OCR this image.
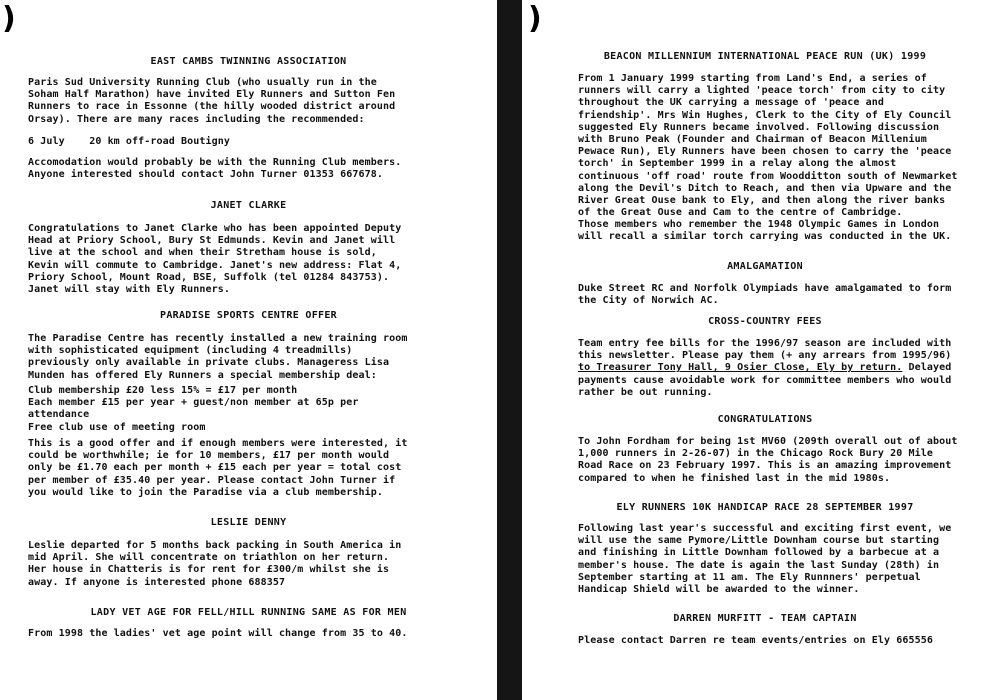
)
EAST CAMBS TWINNING ASSOCIATION
Paris Sud University Running Club (who usually run in the
Soham Half Marathon) have invited Ely Runners and Sutton Fen
Runners to race in Essonne (the hilly wooded district around
Orsay). There are many races including the recommended:
6 July    20 km off-road Boutigny
Accomodation would probably be with the Running Club members.
Anyone interested should contact John Turner 01353 667678.
JANET CLARKE
Congratulations to Janet Clarke who has been appointed Deputy
Head at Priory School, Bury St Edmunds. Kevin and Janet will
live at the school and when their Stretham house is sold,
Kevin will commute to Cambridge. Janet's new address: Flat 4,
Priory School, Mount Road, BSE, Suffolk (tel 01284 843753).
Janet will stay with Ely Runners.
PARADISE SPORTS CENTRE OFFER
The Paradise Centre has recently installed a new training room
with sophisticated equipment (including 4 treadmills)
previously only available in private clubs. Manageress Lisa
Munden has offered Ely Runners a special membership deal:
Club membership £20 less 15% = £17 per month
Each member £15 per year + guest/non member at 65p per
attendance
Free club use of meeting room
This is a good offer and if enough members were interested, it
could be worthwhile; ie for 10 members, £17 per month would
only be £1.70 each per month + £15 each per year = total cost
per member of £35.40 per year. Please contact John Turner if
you would like to join the Paradise via a club membership.
LESLIE DENNY
Leslie departed for 5 months back packing in South America in
mid April. She will concentrate on triathlon on her return.
Her house in Chatteris is for rent for £300/m whilst she is
away. If anyone is interested phone 688357
LADY VET AGE FOR FELL/HILL RUNNING SAME AS FOR MEN
From 1998 the ladies' vet age point will change from 35 to 40.
)
BEACON MILLENNIUM INTERNATIONAL PEACE RUN (UK) 1999
From 1 January 1999 starting from Land's End, a series of
runners will carry a lighted 'peace torch' from city to city
throughout the UK carrying a message of 'peace and
friendship'. Mrs Win Hughes, Clerk to the City of Ely Council
suggested Ely Runners became involved. Following discussion
with Bruno Peak (Founder and Chairman of Beacon Millenium
Pewace Run), Ely Runners have been chosen to carry the 'peace
torch' in September 1999 in a relay along the almost
continuous 'off road' route from Woodditton south of Newmarket
along the Devil's Ditch to Reach, and then via Upware and the
River Great Ouse bank to Ely, and then along the river banks
of the Great Ouse and Cam to the centre of Cambridge.
Those members who remember the 1948 Olympic Games in London
will recall a similar torch carrying was conducted in the UK.
AMALGAMATION
Duke Street RC and Norfolk Olympiads have amalgamated to form
the City of Norwich AC.
CROSS-COUNTRY FEES
Team entry fee bills for the 1996/97 season are included with
this newsletter. Please pay them (+ any arrears from 1995/96)
to Treasurer Tony Hall, 9 Osier Close, Ely by return. Delayed
payments cause avoidable work for committee members who would
rather be out running.
CONGRATULATIONS
To John Fordham for being 1st MV60 (209th overall out of about
1,000 runners in 2-26-07) in the Chicago Rock Bury 20 Mile
Road Race on 23 February 1997. This is an amazing improvement
compared to when he finished last in the mid 1980s.
ELY RUNNERS 10K HANDICAP RACE 28 SEPTEMBER 1997
Following last year's successful and exciting first event, we
will use the same Pymore/Little Downham course but starting
and finishing in Little Downham followed by a barbecue at a
member's house. The date is again the last Sunday (28th) in
September starting at 11 am. The Ely Runnners' perpetual
Handicap Shield will be awarded to the winner.
DARREN MURFITT - TEAM CAPTAIN
Please contact Darren re team events/entries on Ely 665556
